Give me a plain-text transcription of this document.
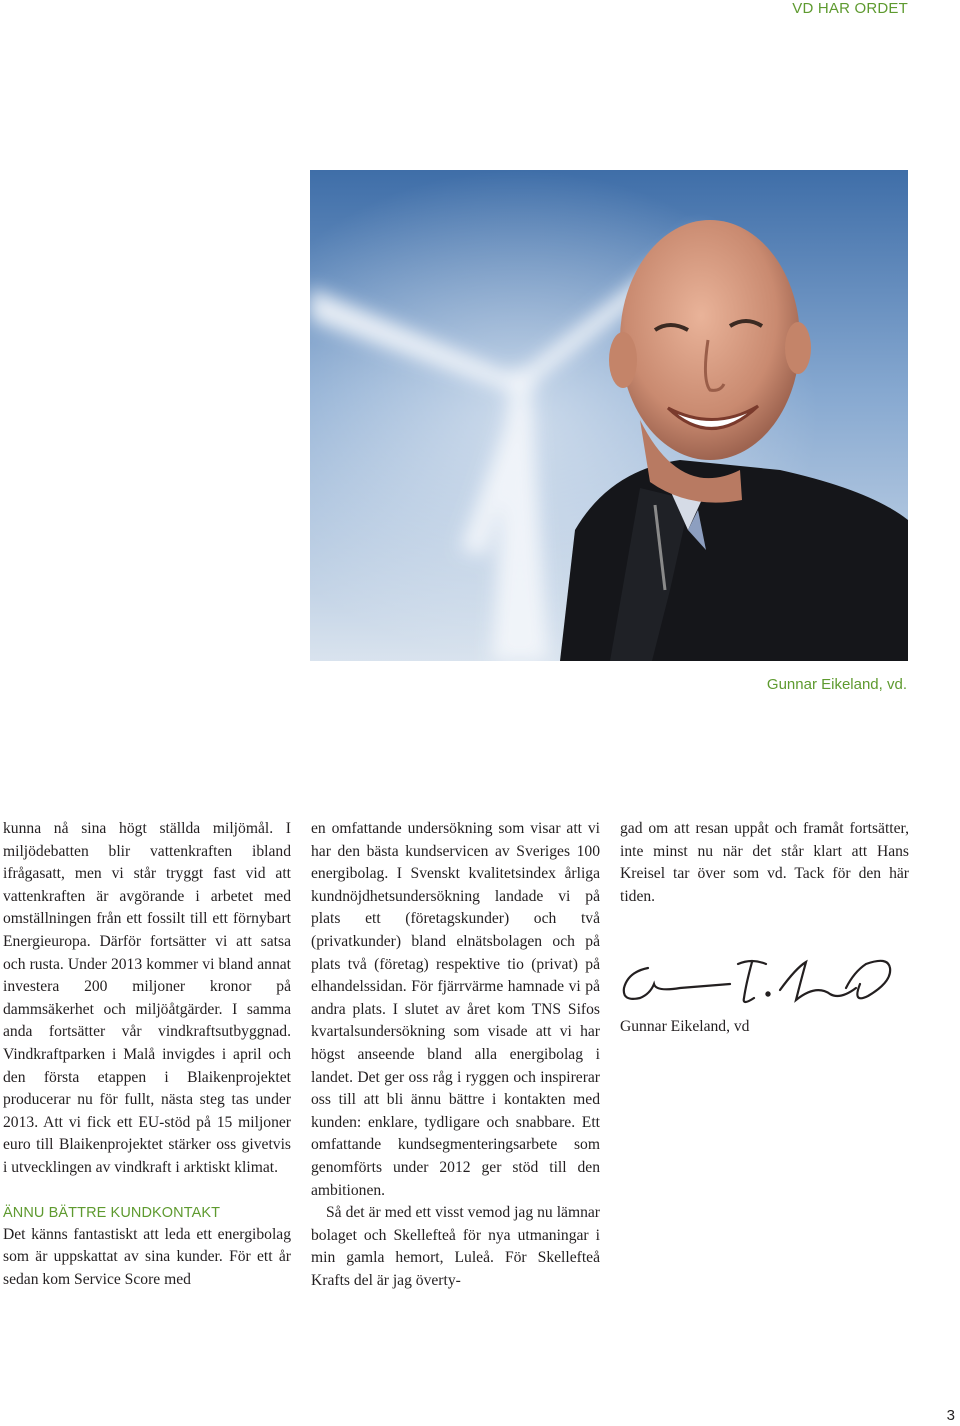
VD HAR ORDET
Gunnar Eikeland, vd.

kunna nå sina högt ställda miljömål. I miljödebatten blir vattenkraften ibland ifrågasatt, men vi står tryggt fast vid att vattenkraften är avgörande i arbetet med omställningen från ett fossilt till ett förnybart Energieuropa. Därför fortsätter vi att satsa och rusta. Under 2013 kommer vi bland annat investera 200 miljoner kronor på dammsäkerhet och miljöåtgärder. I samma anda fortsätter vår vindkraftsutbyggnad. Vindkraftparken i Malå invigdes i april och den första etappen i Blaikenprojektet producerar nu för fullt, nästa steg tas under 2013. Att vi fick ett EU-stöd på 15 miljoner euro till Blaikenprojektet stärker oss givetvis i utvecklingen av vindkraft i arktiskt klimat.

ÄNNU BÄTTRE KUNDKONTAKT

Det känns fantastiskt att leda ett energibolag som är uppskattat av sina kunder. För ett år sedan kom Service Score med

en omfattande undersökning som visar att vi har den bästa kundservicen av Sveriges 100 energibolag. I Svenskt kvalitetsindex årliga kundnöjdhetsundersökning landade vi på plats ett (företagskunder) och två (privatkunder) bland elnätsbolagen och på plats två (företag) respektive tio (privat) på elhandelssidan. För fjärrvärme hamnade vi på andra plats. I slutet av året kom TNS Sifos kvartalsundersökning som visade att vi har högst anseende bland alla energibolag i landet. Det ger oss råg i ryggen och inspirerar oss till att bli ännu bättre i kontakten med kunden: enklare, tydligare och snabbare. Ett omfattande kundsegmenteringsarbete som genomförts under 2012 ger stöd till den ambitionen.

Så det är med ett visst vemod jag nu lämnar bolaget och Skellefteå för nya utmaningar i min gamla hemort, Luleå. För Skellefteå Krafts del är jag överty-

gad om att resan uppåt och framåt fortsätter, inte minst nu när det står klart att Hans Kreisel tar över som vd. Tack för den här tiden.

Gunnar Eikeland, vd
3
